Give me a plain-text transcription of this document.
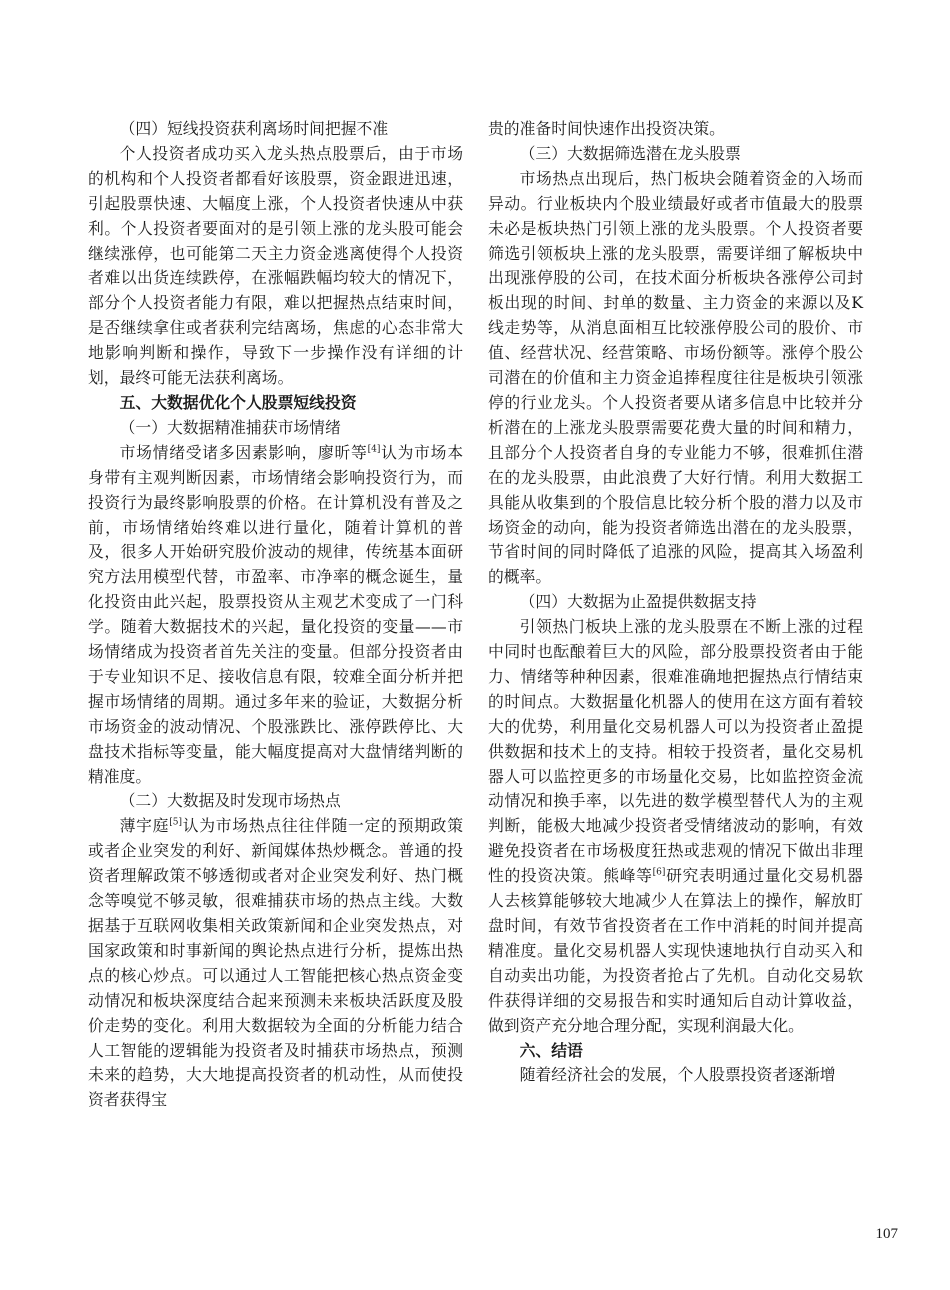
（四）短线投资获利离场时间把握不准

个人投资者成功买入龙头热点股票后，由于市场的机构和个人投资者都看好该股票，资金跟进迅速，引起股票快速、大幅度上涨，个人投资者快速从中获利。个人投资者要面对的是引领上涨的龙头股可能会继续涨停，也可能第二天主力资金逃离使得个人投资者难以出货连续跌停，在涨幅跌幅均较大的情况下，部分个人投资者能力有限，难以把握热点结束时间，是否继续拿住或者获利完结离场，焦虑的心态非常大地影响判断和操作，导致下一步操作没有详细的计划，最终可能无法获利离场。

五、大数据优化个人股票短线投资
（一）大数据精准捕获市场情绪

市场情绪受诸多因素影响，廖昕等[4]认为市场本身带有主观判断因素，市场情绪会影响投资行为，而投资行为最终影响股票的价格。在计算机没有普及之前，市场情绪始终难以进行量化，随着计算机的普及，很多人开始研究股价波动的规律，传统基本面研究方法用模型代替，市盈率、市净率的概念诞生，量化投资由此兴起，股票投资从主观艺术变成了一门科学。随着大数据技术的兴起，量化投资的变量——市场情绪成为投资者首先关注的变量。但部分投资者由于专业知识不足、接收信息有限，较难全面分析并把握市场情绪的周期。通过多年来的验证，大数据分析市场资金的波动情况、个股涨跌比、涨停跌停比、大盘技术指标等变量，能大幅度提高对大盘情绪判断的精准度。

（二）大数据及时发现市场热点

薄宇庭[5]认为市场热点往往伴随一定的预期政策或者企业突发的利好、新闻媒体热炒概念。普通的投资者理解政策不够透彻或者对企业突发利好、热门概念等嗅觉不够灵敏，很难捕获市场的热点主线。大数据基于互联网收集相关政策新闻和企业突发热点，对国家政策和时事新闻的舆论热点进行分析，提炼出热点的核心炒点。可以通过人工智能把核心热点资金变动情况和板块深度结合起来预测未来板块活跃度及股价走势的变化。利用大数据较为全面的分析能力结合人工智能的逻辑能为投资者及时捕获市场热点，预测未来的趋势，大大地提高投资者的机动性，从而使投资者获得宝

贵的准备时间快速作出投资决策。
（三）大数据筛选潜在龙头股票

市场热点出现后，热门板块会随着资金的入场而异动。行业板块内个股业绩最好或者市值最大的股票未必是板块热门引领上涨的龙头股票。个人投资者要筛选引领板块上涨的龙头股票，需要详细了解板块中出现涨停股的公司，在技术面分析板块各涨停公司封板出现的时间、封单的数量、主力资金的来源以及K线走势等，从消息面相互比较涨停股公司的股价、市值、经营状况、经营策略、市场份额等。涨停个股公司潜在的价值和主力资金追捧程度往往是板块引领涨停的行业龙头。个人投资者要从诸多信息中比较并分析潜在的上涨龙头股票需要花费大量的时间和精力，且部分个人投资者自身的专业能力不够，很难抓住潜在的龙头股票，由此浪费了大好行情。利用大数据工具能从收集到的个股信息比较分析个股的潜力以及市场资金的动向，能为投资者筛选出潜在的龙头股票，节省时间的同时降低了追涨的风险，提高其入场盈利的概率。

（四）大数据为止盈提供数据支持

引领热门板块上涨的龙头股票在不断上涨的过程中同时也酝酿着巨大的风险，部分股票投资者由于能力、情绪等种种因素，很难准确地把握热点行情结束的时间点。大数据量化机器人的使用在这方面有着较大的优势，利用量化交易机器人可以为投资者止盈提供数据和技术上的支持。相较于投资者，量化交易机器人可以监控更多的市场量化交易，比如监控资金流动情况和换手率，以先进的数学模型替代人为的主观判断，能极大地减少投资者受情绪波动的影响，有效避免投资者在市场极度狂热或悲观的情况下做出非理性的投资决策。熊峰等[6]研究表明通过量化交易机器人去核算能够较大地减少人在算法上的操作，解放盯盘时间，有效节省投资者在工作中消耗的时间并提高精准度。量化交易机器人实现快速地执行自动买入和自动卖出功能，为投资者抢占了先机。自动化交易软件获得详细的交易报告和实时通知后自动计算收益，做到资产充分地合理分配，实现利润最大化。

六、结语

随着经济社会的发展，个人股票投资者逐渐增

107
